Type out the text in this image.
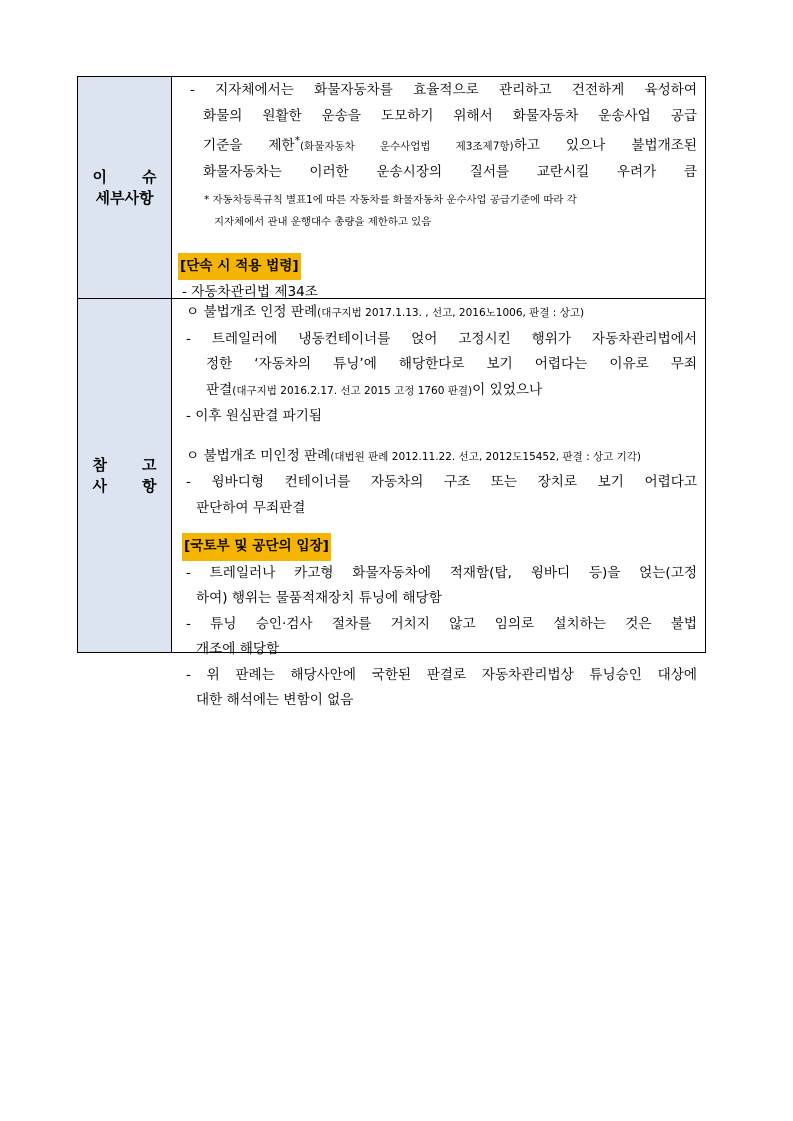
이 슈
세부사항
- 지자체에서는 화물자동차를 효율적으로 관리하고 건전하게 육성하여
화물의 원활한 운송을 도모하기 위해서 화물자동차 운송사업 공급
기준을 제한*(화물자동차 운수사업법 제3조제7항)하고 있으나 불법개조된
화물자동차는 이러한 운송시장의 질서를 교란시킬 우려가 큼
* 자동차등록규칙 별표1에 따른 자동차를 화물자동차 운수사업 공급기준에 따라 각
지자체에서 관내 운행대수 총량을 제한하고 있음
[단속 시 적용 법령]
- 자동차관리법 제34조
참 고
사 항
ㅇ 불법개조 인정 판례(대구지법 2017.1.13. , 선고, 2016노1006, 판결 : 상고)
- 트레일러에 냉동컨테이너를 얹어 고정시킨 행위가 자동차관리법에서
정한 ‘자동차의 튜닝’에 해당한다로 보기 어렵다는 이유로 무죄
판결(대구지법 2016.2.17. 선고 2015 고정 1760 판결)이 있었으나
- 이후 원심판결 파기됨
ㅇ 불법개조 미인정 판례(대법원 판례 2012.11.22. 선고, 2012도15452, 판결 : 상고 기각)
- 윙바디형 컨테이너를 자동차의 구조 또는 장치로 보기 어렵다고
판단하여 무죄판결
[국토부 및 공단의 입장]
- 트레일러나 카고형 화물자동차에 적재함(탑, 윙바디 등)을 얹는(고정
하여) 행위는 물품적재장치 튜닝에 해당함
- 튜닝 승인·검사 절차를 거치지 않고 임의로 설치하는 것은 불법
개조에 해당함
- 위 판례는 해당사안에 국한된 판결로 자동차관리법상 튜닝승인 대상에
대한 해석에는 변함이 없음
